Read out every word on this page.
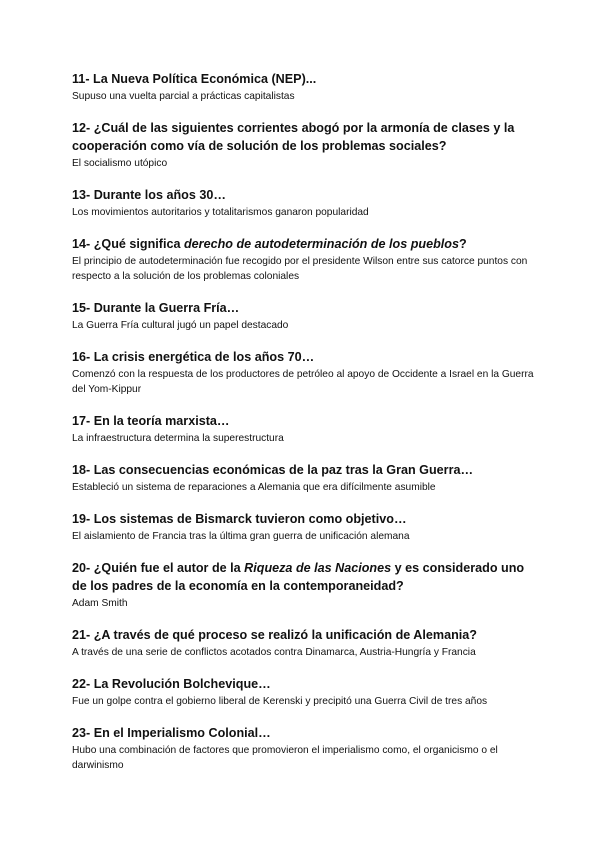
11- La Nueva Política Económica (NEP)...

Supuso una vuelta parcial a prácticas capitalistas

12- ¿Cuál de las siguientes corrientes abogó por la armonía de clases y la cooperación como vía de solución de los problemas sociales?

El socialismo utópico

13- Durante los años 30…

Los movimientos autoritarios y totalitarismos ganaron popularidad

14- ¿Qué significa derecho de autodeterminación de los pueblos?

El principio de autodeterminación fue recogido por el presidente Wilson entre sus catorce puntos con respecto a la solución de los problemas coloniales

15- Durante la Guerra Fría…

La Guerra Fría cultural jugó un papel destacado

16- La crisis energética de los años 70…

Comenzó con la respuesta de los productores de petróleo al apoyo de Occidente a Israel en la Guerra del Yom-Kippur

17- En la teoría marxista…

La infraestructura determina la superestructura

18- Las consecuencias económicas de la paz tras la Gran Guerra…

Estableció un sistema de reparaciones a Alemania que era difícilmente asumible

19- Los sistemas de Bismarck tuvieron como objetivo…

El aislamiento de Francia tras la última gran guerra de unificación alemana

20- ¿Quién fue el autor de la Riqueza de las Naciones y es considerado uno de los padres de la economía en la contemporaneidad?

Adam Smith

21- ¿A través de qué proceso se realizó la unificación de Alemania?

A través de una serie de conflictos acotados contra Dinamarca, Austria-Hungría y Francia

22- La Revolución Bolchevique…

Fue un golpe contra el gobierno liberal de Kerenski y precipitó una Guerra Civil de tres años

23- En el Imperialismo Colonial…

Hubo una combinación de factores que promovieron el imperialismo como, el organicismo o el darwinismo
